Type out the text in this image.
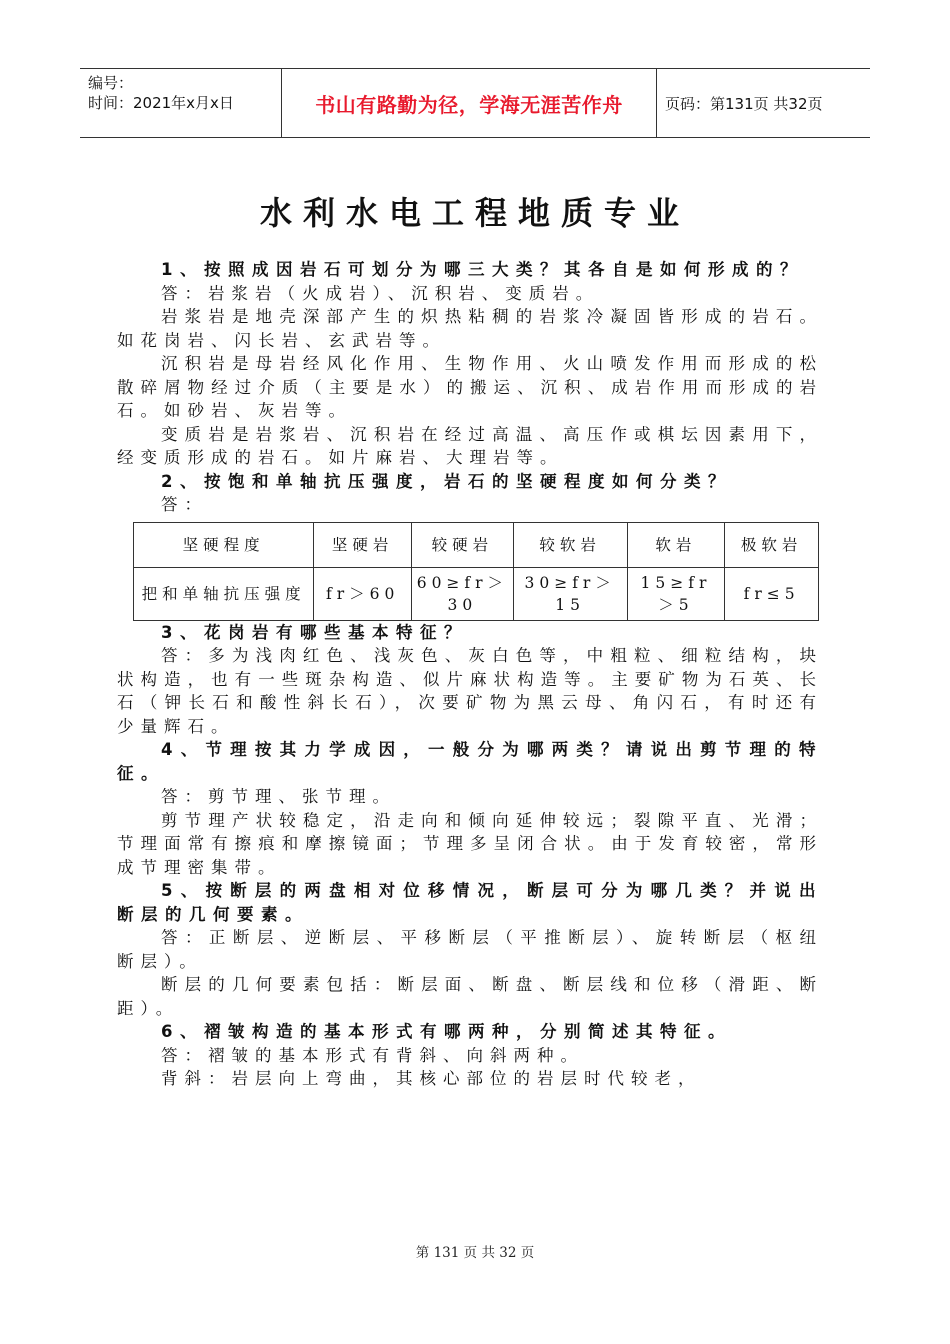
编号：
时间：2021年x月x日	书山有路勤为径，学海无涯苦作舟	页码：第131页 共32页
水利水电工程地质专业

1、按照成因岩石可划分为哪三大类？其各自是如何形成的？

答：岩浆岩（火成岩）、沉积岩、变质岩。

岩浆岩是地壳深部产生的炽热粘稠的岩浆冷凝固皆形成的岩石。如花岗岩、闪长岩、玄武岩等。

沉积岩是母岩经风化作用、生物作用、火山喷发作用而形成的松散碎屑物经过介质（主要是水）的搬运、沉积、成岩作用而形成的岩石。如砂岩、灰岩等。

变质岩是岩浆岩、沉积岩在经过高温、高压作或棋坛因素用下，经变质形成的岩石。如片麻岩、大理岩等。

2、按饱和单轴抗压强度，岩石的坚硬程度如何分类？

答：

坚硬程度	坚硬岩	较硬岩	较软岩	软岩	极软岩
把和单轴抗压强度	fr＞60	60≥fr＞30	30≥fr＞15	15≥fr＞5	fr≤5

3、花岗岩有哪些基本特征？

答：多为浅肉红色、浅灰色、灰白色等，中粗粒、细粒结构，块状构造，也有一些斑杂构造、似片麻状构造等。主要矿物为石英、长石（钾长石和酸性斜长石），次要矿物为黑云母、角闪石，有时还有少量辉石。

4、节理按其力学成因，一般分为哪两类？请说出剪节理的特征。

答：剪节理、张节理。

剪节理产状较稳定，沿走向和倾向延伸较远；裂隙平直、光滑；节理面常有擦痕和摩擦镜面；节理多呈闭合状。由于发育较密，常形成节理密集带。

5、按断层的两盘相对位移情况，断层可分为哪几类？并说出断层的几何要素。

答：正断层、逆断层、平移断层（平推断层）、旋转断层（枢纽断层）。

断层的几何要素包括：断层面、断盘、断层线和位移（滑距、断距）。

6、褶皱构造的基本形式有哪两种，分别简述其特征。

答：褶皱的基本形式有背斜、向斜两种。

背斜：岩层向上弯曲，其核心部位的岩层时代较老，

第 131 页 共 32 页
